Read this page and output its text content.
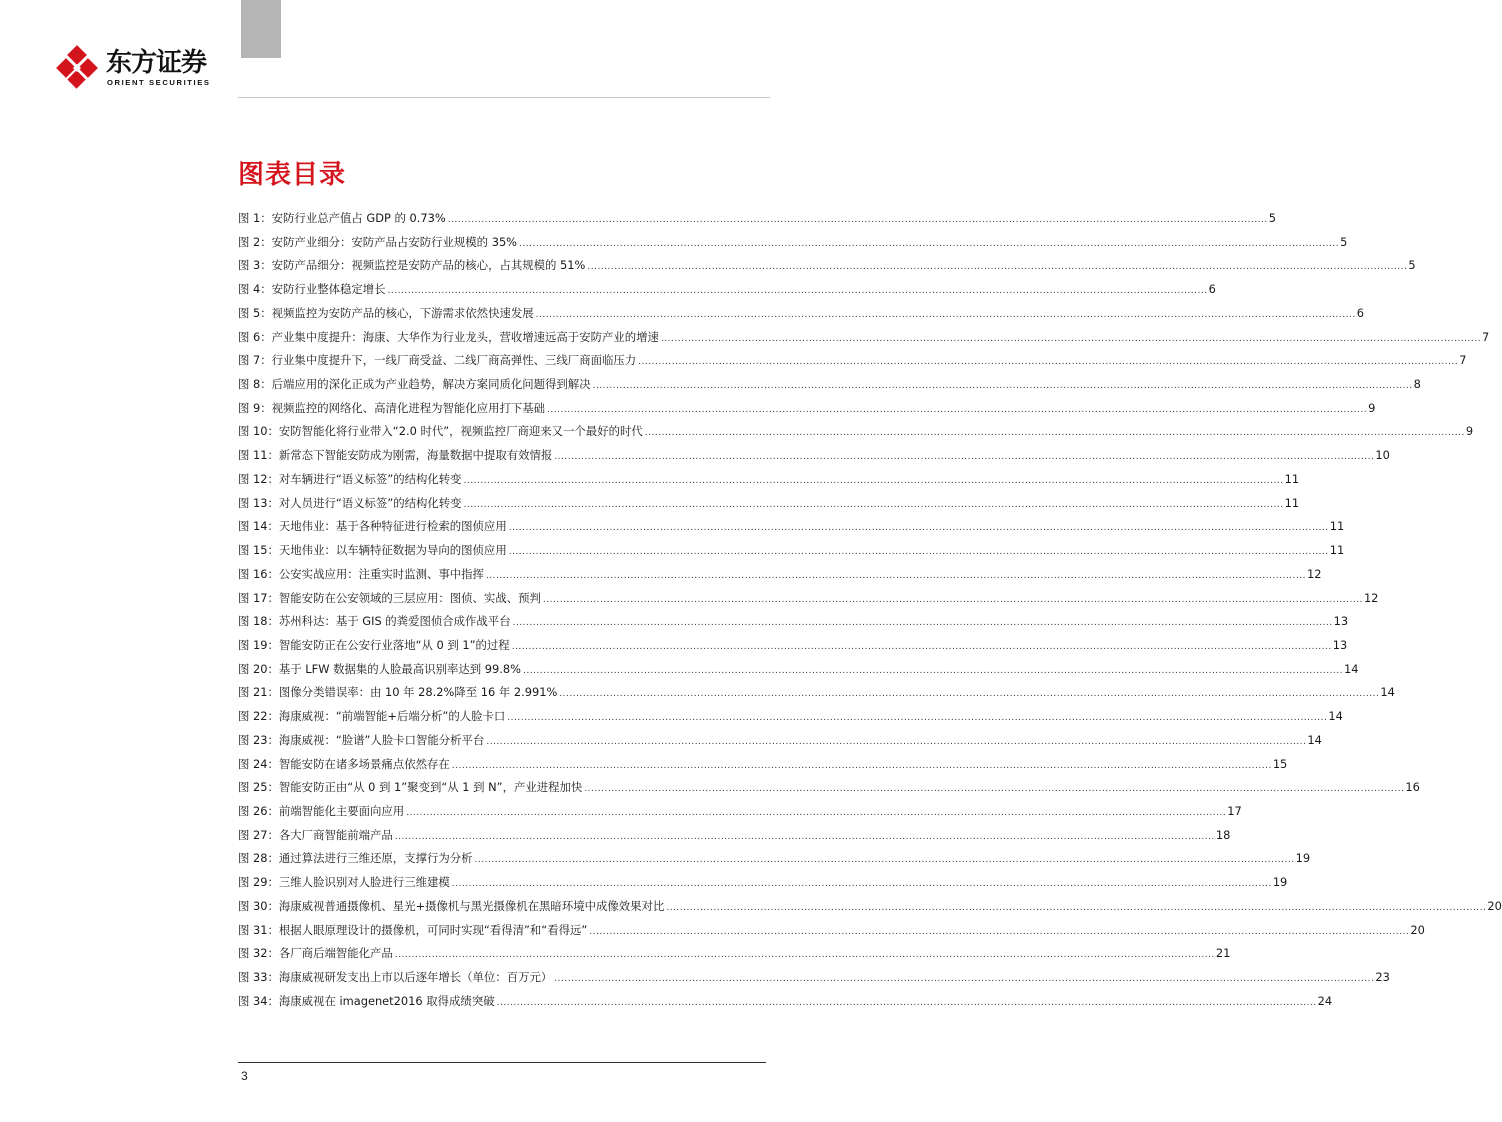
东方证券
ORIENT SECURITIES
图表目录
图 1：安防行业总产值占 GDP 的 0.73% .....	5
图 2：安防产业细分：安防产品占安防行业规模的 35% .....	5
图 3：安防产品细分：视频监控是安防产品的核心，占其规模的 51% .....	5
图 4：安防行业整体稳定增长 .....	6
图 5：视频监控为安防产品的核心，下游需求依然快速发展 .....	6
图 6：产业集中度提升：海康、大华作为行业龙头，营收增速远高于安防产业的增速 .....	7
图 7：行业集中度提升下，一线厂商受益、二线厂商高弹性、三线厂商面临压力 .....	7
图 8：后端应用的深化正成为产业趋势，解决方案同质化问题得到解决 .....	8
图 9：视频监控的网络化、高清化进程为智能化应用打下基础 .....	9
图 10：安防智能化将行业带入“2.0 时代”，视频监控厂商迎来又一个最好的时代 .....	9
图 11：新常态下智能安防成为刚需，海量数据中提取有效情报 .....	10
图 12：对车辆进行“语义标签”的结构化转变 .....	11
图 13：对人员进行“语义标签”的结构化转变 .....	11
图 14：天地伟业：基于各种特征进行检索的图侦应用 .....	11
图 15：天地伟业：以车辆特征数据为导向的图侦应用 .....	11
图 16：公安实战应用：注重实时监测、事中指挥 .....	12
图 17：智能安防在公安领域的三层应用：图侦、实战、预判 .....	12
图 18：苏州科达：基于 GIS 的粪爱图侦合成作战平台 .....	13
图 19：智能安防正在公安行业落地“从 0 到 1”的过程 .....	13
图 20：基于 LFW 数据集的人脸最高识别率达到 99.8% .....	14
图 21：图像分类错误率：由 10 年 28.2%降至 16 年 2.991% .....	14
图 22：海康威视：“前端智能+后端分析”的人脸卡口 .....	14
图 23：海康威视：“脸谱”人脸卡口智能分析平台 .....	14
图 24：智能安防在诸多场景痛点依然存在 .....	15
图 25：智能安防正由“从 0 到 1”聚变到“从 1 到 N”，产业进程加快 .....	16
图 26：前端智能化主要面向应用 .....	17
图 27：各大厂商智能前端产品 .....	18
图 28：通过算法进行三维还原，支撑行为分析 .....	19
图 29：三维人脸识别对人脸进行三维建模 .....	19
图 30：海康威视普通摄像机、星光+摄像机与黑光摄像机在黑暗环境中成像效果对比 .....	20
图 31：根据人眼原理设计的摄像机，可同时实现“看得清”和“看得远” .....	20
图 32：各厂商后端智能化产品 .....	21
图 33：海康威视研发支出上市以后逐年增长（单位：百万元） .....	23
图 34：海康威视在 imagenet2016 取得成绩突破 .....	24
3
